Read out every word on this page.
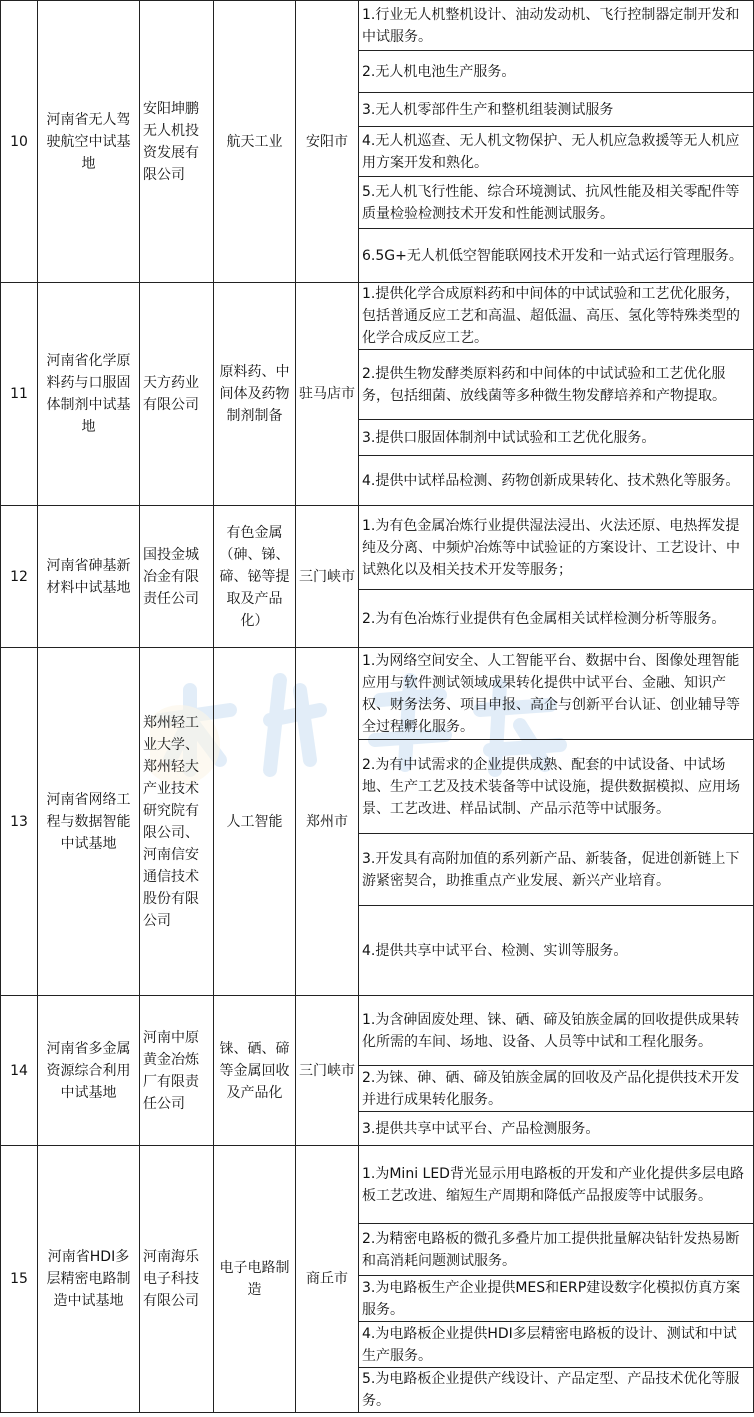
10	河南省无人驾驶航空中试基地	安阳坤鹏无人机投资发展有限公司	航天工业	安阳市	1.行业无人机整机设计、油动发动机、飞行控制器定制开发和中试服务。
					2.无人机电池生产服务。
					3.无人机零部件生产和整机组装测试服务
					4.无人机巡查、无人机文物保护、无人机应急救援等无人机应用方案开发和熟化。
					5.无人机飞行性能、综合环境测试、抗风性能及相关零配件等质量检验检测技术开发和性能测试服务。
					6.5G+无人机低空智能联网技术开发和一站式运行管理服务。
11	河南省化学原料药与口服固体制剂中试基地	天方药业有限公司	原料药、中间体及药物制剂制备	驻马店市	1.提供化学合成原料药和中间体的中试试验和工艺优化服务，包括普通反应工艺和高温、超低温、高压、氢化等特殊类型的化学合成反应工艺。
					2.提供生物发酵类原料药和中间体的中试试验和工艺优化服务，包括细菌、放线菌等多种微生物发酵培养和产物提取。
					3.提供口服固体制剂中试试验和工艺优化服务。
					4.提供中试样品检测、药物创新成果转化、技术熟化等服务。
12	河南省砷基新材料中试基地	国投金城冶金有限责任公司	有色金属（砷、锑、碲、铋等提取及产品化）	三门峡市	1.为有色金属冶炼行业提供湿法浸出、火法还原、电热挥发提纯及分离、中频炉冶炼等中试验证的方案设计、工艺设计、中试熟化以及相关技术开发等服务；
					2.为有色冶炼行业提供有色金属相关试样检测分析等服务。
13	河南省网络工程与数据智能中试基地	郑州轻工业大学、郑州轻大产业技术研究院有限公司、河南信安通信技术股份有限公司	人工智能	郑州市	1.为网络空间安全、人工智能平台、数据中台、图像处理智能应用与软件测试领域成果转化提供中试平台、金融、知识产权、财务法务、项目申报、高企与创新平台认证、创业辅导等全过程孵化服务。
					2.为有中试需求的企业提供成熟、配套的中试设备、中试场地、生产工艺及技术装备等中试设施，提供数据模拟、应用场景、工艺改进、样品试制、产品示范等中试服务。
					3.开发具有高附加值的系列新产品、新装备，促进创新链上下游紧密契合，助推重点产业发展、新兴产业培育。
					4.提供共享中试平台、检测、实训等服务。
14	河南省多金属资源综合利用中试基地	河南中原黄金冶炼厂有限责任公司	铼、硒、碲等金属回收及产品化	三门峡市	1.为含砷固废处理、铼、硒、碲及铂族金属的回收提供成果转化所需的车间、场地、设备、人员等中试和工程化服务。
					2.为铼、砷、硒、碲及铂族金属的回收及产品化提供技术开发并进行成果转化服务。
					3.提供共享中试平台、产品检测服务。
15	河南省HDI多层精密电路制造中试基地	河南海乐电子科技有限公司	电子电路制造	商丘市	1.为Mini LED背光显示用电路板的开发和产业化提供多层电路板工艺改进、缩短生产周期和降低产品报废等中试服务。
					2.为精密电路板的微孔多叠片加工提供批量解决钻针发热易断和高消耗问题测试服务。
					3.为电路板生产企业提供MES和ERP建设数字化模拟仿真方案服务。
					4.为电路板企业提供HDI多层精密电路板的设计、测试和中试生产服务。
					5.为电路板企业提供产线设计、产品定型、产品技术优化等服务。
